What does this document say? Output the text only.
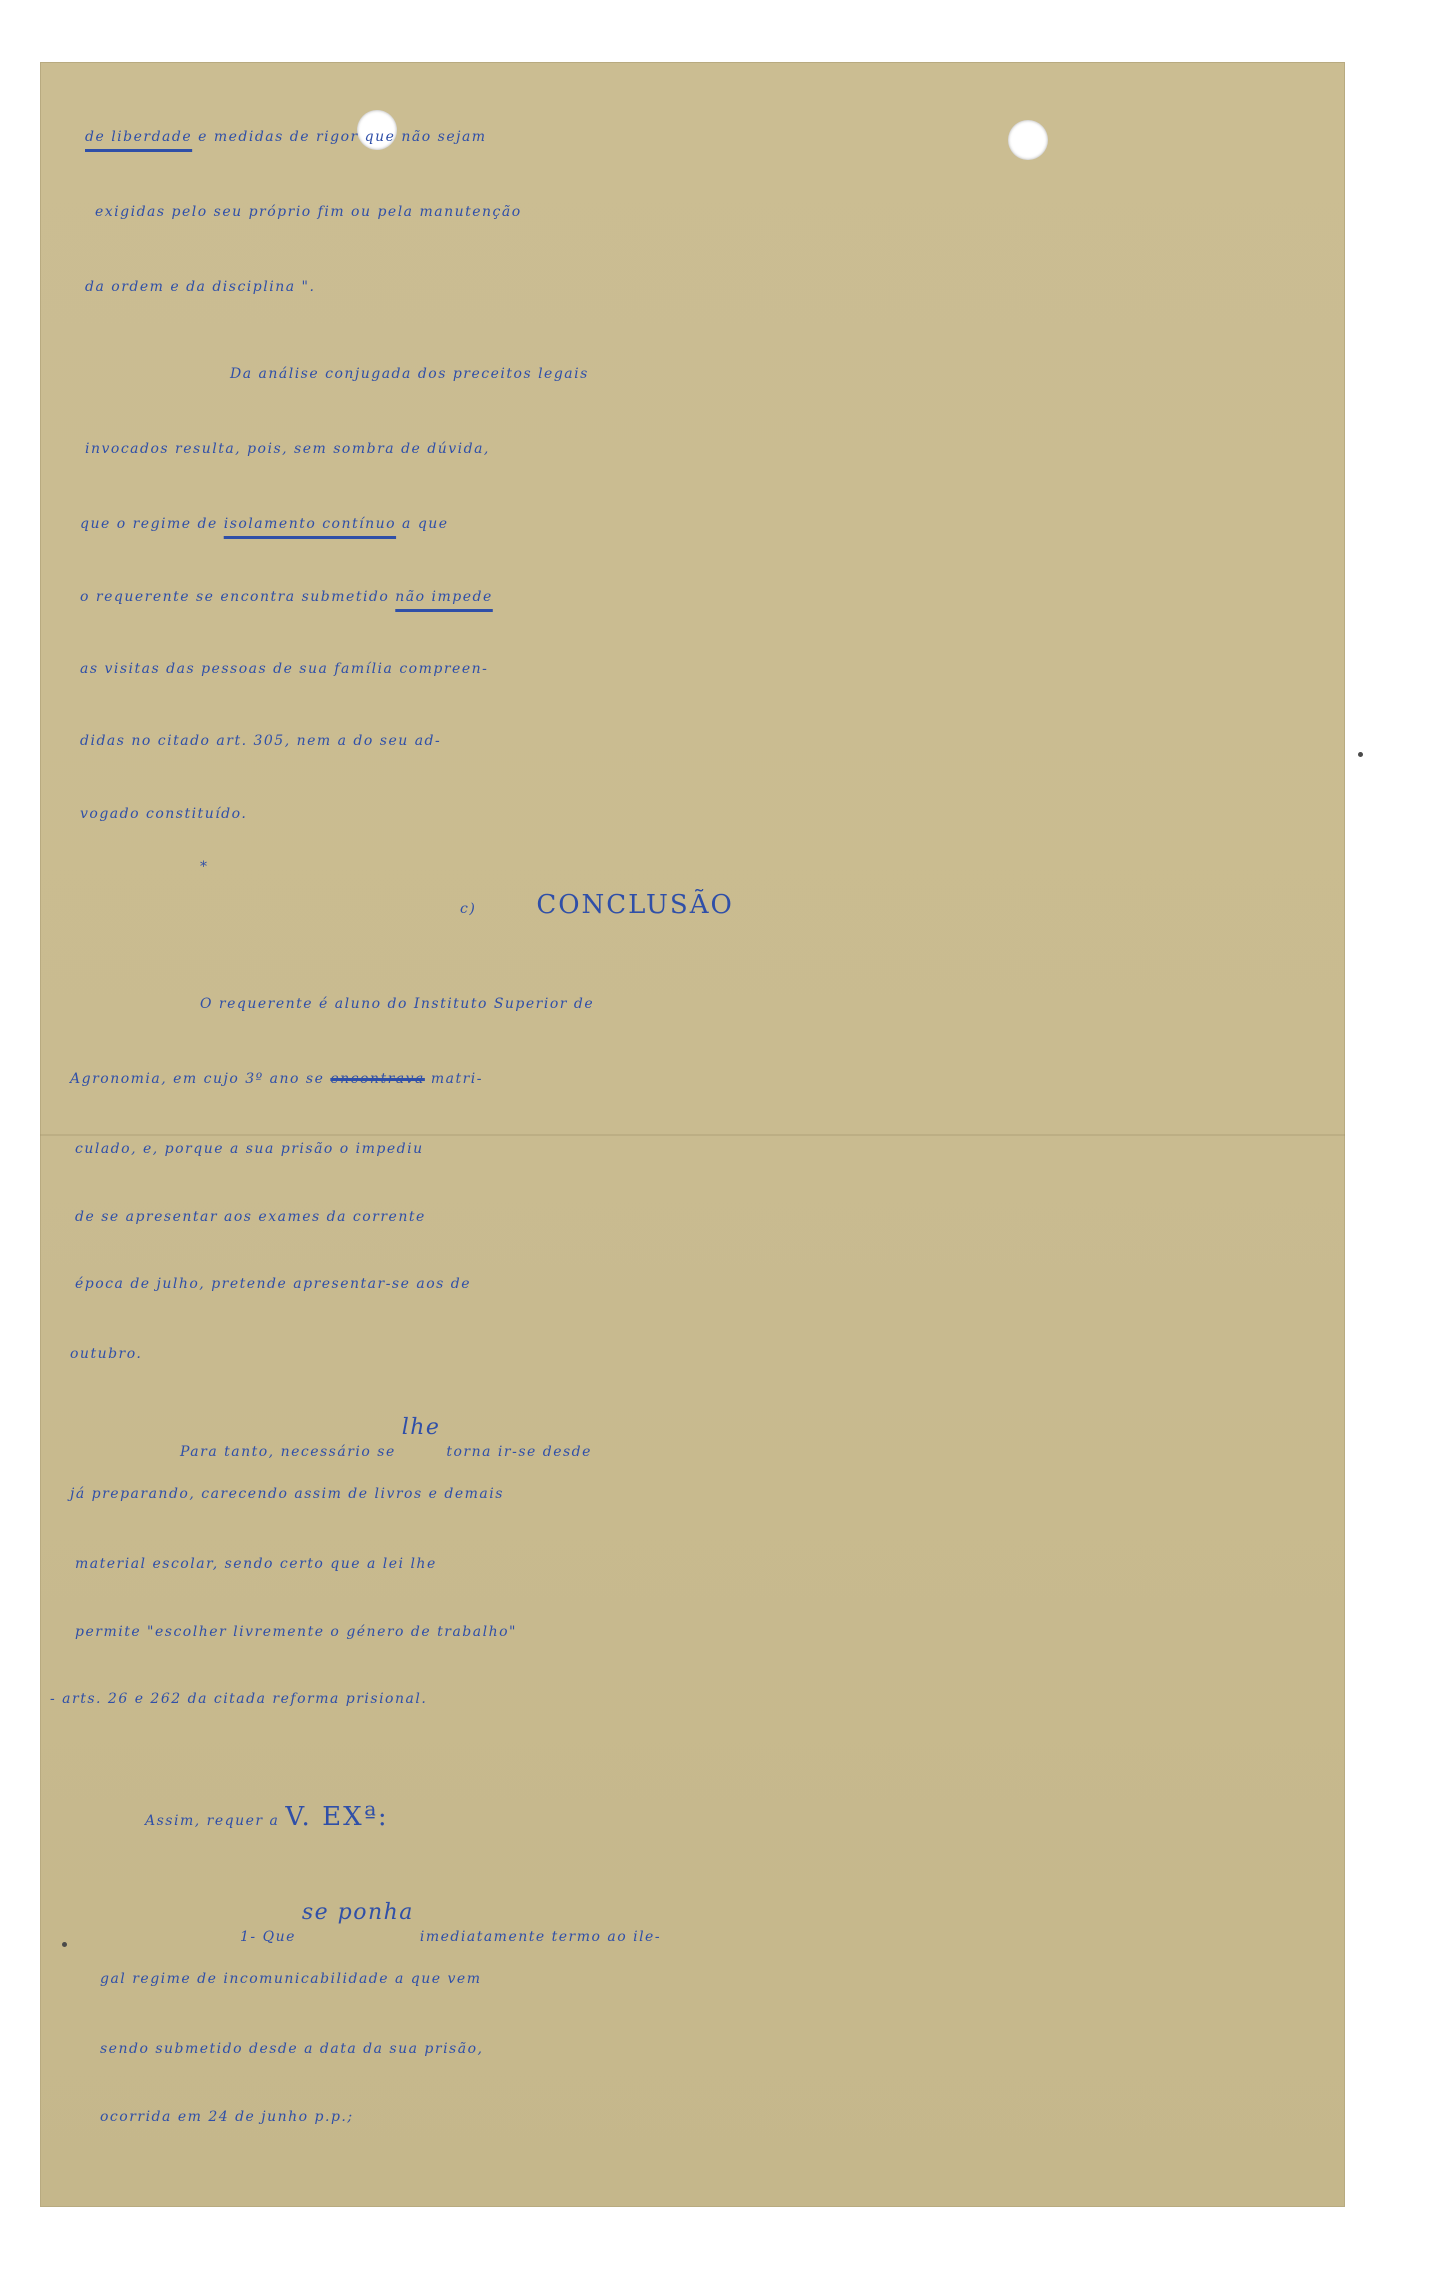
de liberdade e medidas de rigor que não sejam
exigidas pelo seu próprio fim ou pela manutenção
da ordem e da disciplina ".
Da análise conjugada dos preceitos legais
invocados resulta, pois, sem sombra de dúvida,
que o regime de isolamento contínuo a que
o requerente se encontra submetido não impede
as visitas das pessoas de sua família compreen-
didas no citado art. 305, nem a do seu ad-
vogado constituído.
*
c) CONCLUSÃO
O requerente é aluno do Instituto Superior de
Agronomia, em cujo 3º ano se encontrava matri-
culado, e, porque a sua prisão o impediu
de se apresentar aos exames da corrente
época de julho, pretende apresentar-se aos de
outubro.
Para tanto, necessário se lhe torna ir-se desde
já preparando, carecendo assim de livros e demais
material escolar, sendo certo que a lei lhe
permite "escolher livremente o género de trabalho"
- arts. 26 e 262 da citada reforma prisional.
Assim, requer a V. EXª:
1- Que se ponha imediatamente termo ao ile-
gal regime de incomunicabilidade a que vem
sendo submetido desde a data da sua prisão,
ocorrida em 24 de junho p.p.;
